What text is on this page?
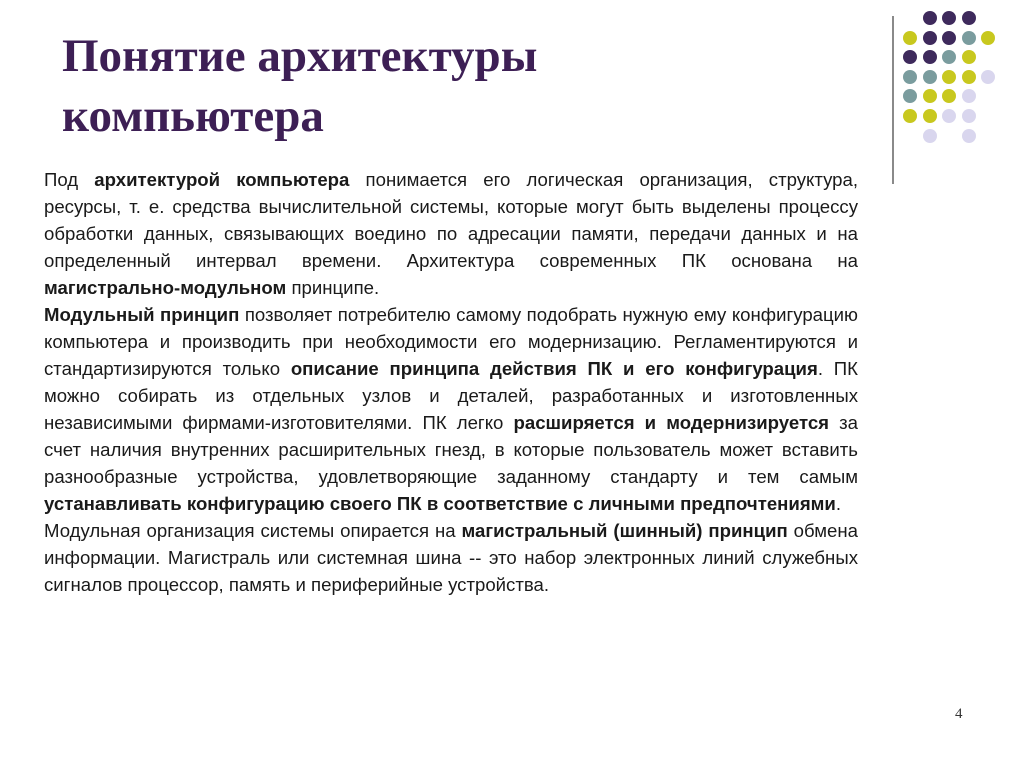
Понятие архитектуры
компьютера

Под архитектурой компьютера понимается его логическая организация, структура, ресурсы, т. е. средства вычислительной системы, которые могут быть выделены процессу обработки данных, связывающих воедино по адресации памяти, передачи данных и на определенный интервал времени. Архитектура современных ПК основана на магистрально-модульном принципе.

Модульный принцип позволяет потребителю самому подобрать нужную ему конфигурацию компьютера и производить при необходимости его модернизацию. Регламентируются и стандартизируются только описание принципа действия ПК и его конфигурация. ПК можно собирать из отдельных узлов и деталей, разработанных и изготовленных независимыми фирмами-изготовителями. ПК легко расширяется и модернизируется за счет наличия внутренних расширительных гнезд, в которые пользователь может вставить разнообразные устройства, удовлетворяющие заданному стандарту и тем самым устанавливать конфигурацию своего ПК в соответствие с личными предпочтениями.

Модульная организация системы опирается на магистральный (шинный) принцип обмена информации. Магистраль или системная шина -- это набор электронных линий служебных сигналов процессор, память и периферийные устройства.

4
